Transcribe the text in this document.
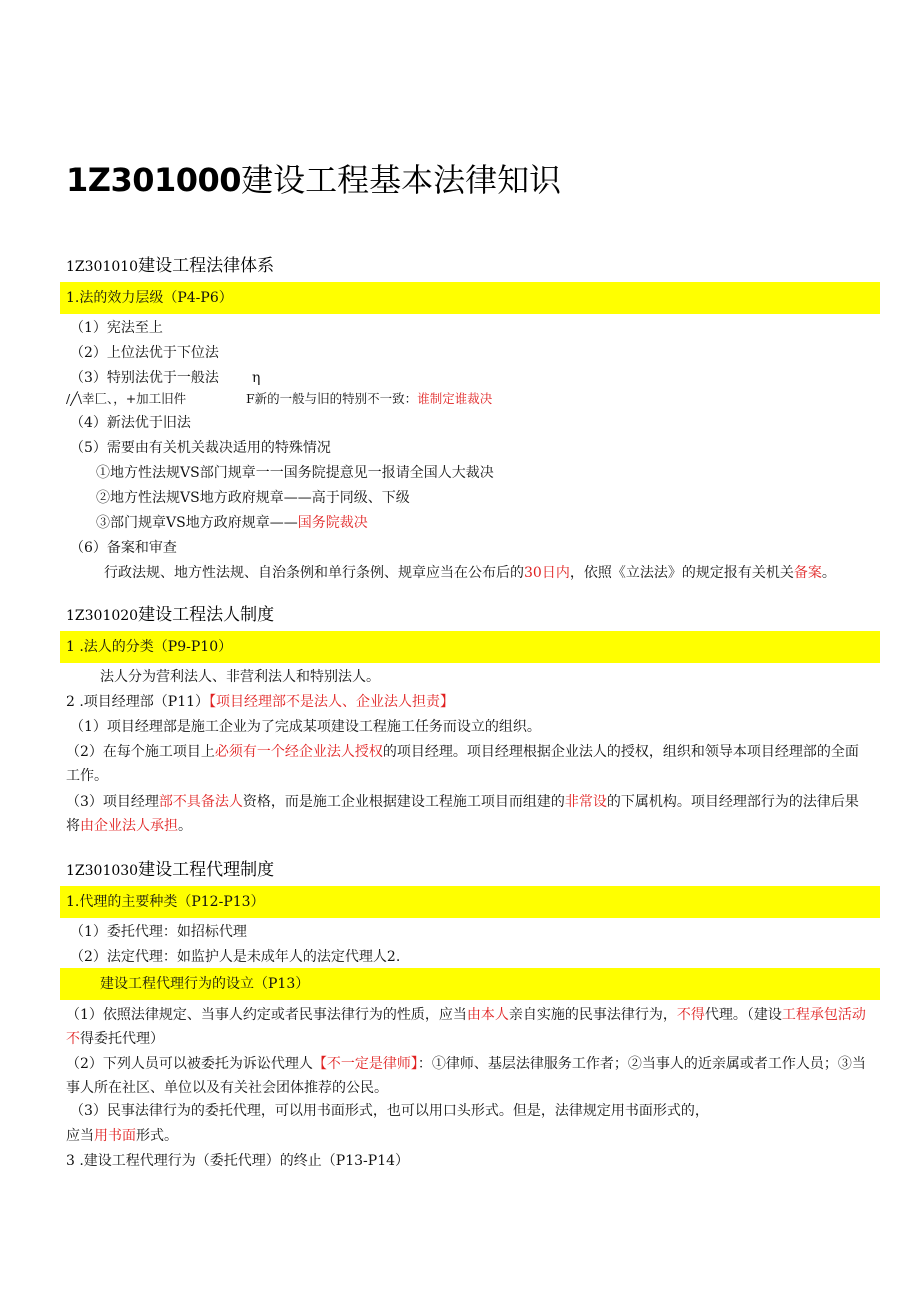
1Z301000建设工程基本法律知识
1Z301010建设工程法律体系
1.法的效力层级（P4-P6）
（1）宪法至上
（2）上位法优于下位法
（3）特别法优于一般法 η
/╱\幸匚、，+加工旧件	F新的一般与旧的特别不一致：谁制定谁裁决
（4）新法优于旧法
（5）需要由有关机关裁决适用的特殊情况
①地方性法规VS部门规章一一国务院提意见一报请全国人大裁决
②地方性法规VS地方政府规章——高于同级、下级
③部门规章VS地方政府规章——国务院裁决
（6）备案和审查
行政法规、地方性法规、自治条例和单行条例、规章应当在公布后的30日内，依照《立法法》的规定报有关机关备案。
1Z301020建设工程法人制度
1 .法人的分类（P9-P10）
法人分为营利法人、非营利法人和特别法人。
2 .项目经理部（P11）【项目经理部不是法人、企业法人担责】
（1）项目经理部是施工企业为了完成某项建设工程施工任务而设立的组织。
（2）在每个施工项目上必须有一个经企业法人授权的项目经理。项目经理根据企业法人的授权，组织和领导本项目经理部的全面工作。
（3）项目经理部不具备法人资格，而是施工企业根据建设工程施工项目而组建的非常设的下属机构。项目经理部行为的法律后果将由企业法人承担。
1Z301030建设工程代理制度
1.代理的主要种类（P12-P13）
（1）委托代理：如招标代理
（2）法定代理：如监护人是未成年人的法定代理人2.
建设工程代理行为的设立（P13）
（1）依照法律规定、当事人约定或者民事法律行为的性质，应当由本人亲自实施的民事法律行为，不得代理。（建设工程承包活动不得委托代理）
（2）下列人员可以被委托为诉讼代理人【不一定是律师】：①律师、基层法律服务工作者；②当事人的近亲属或者工作人员；③当事人所在社区、单位以及有关社会团体推荐的公民。
（3）民事法律行为的委托代理，可以用书面形式，也可以用口头形式。但是，法律规定用书面形式的，
应当用书面形式。
3 .建设工程代理行为（委托代理）的终止（P13-P14）
